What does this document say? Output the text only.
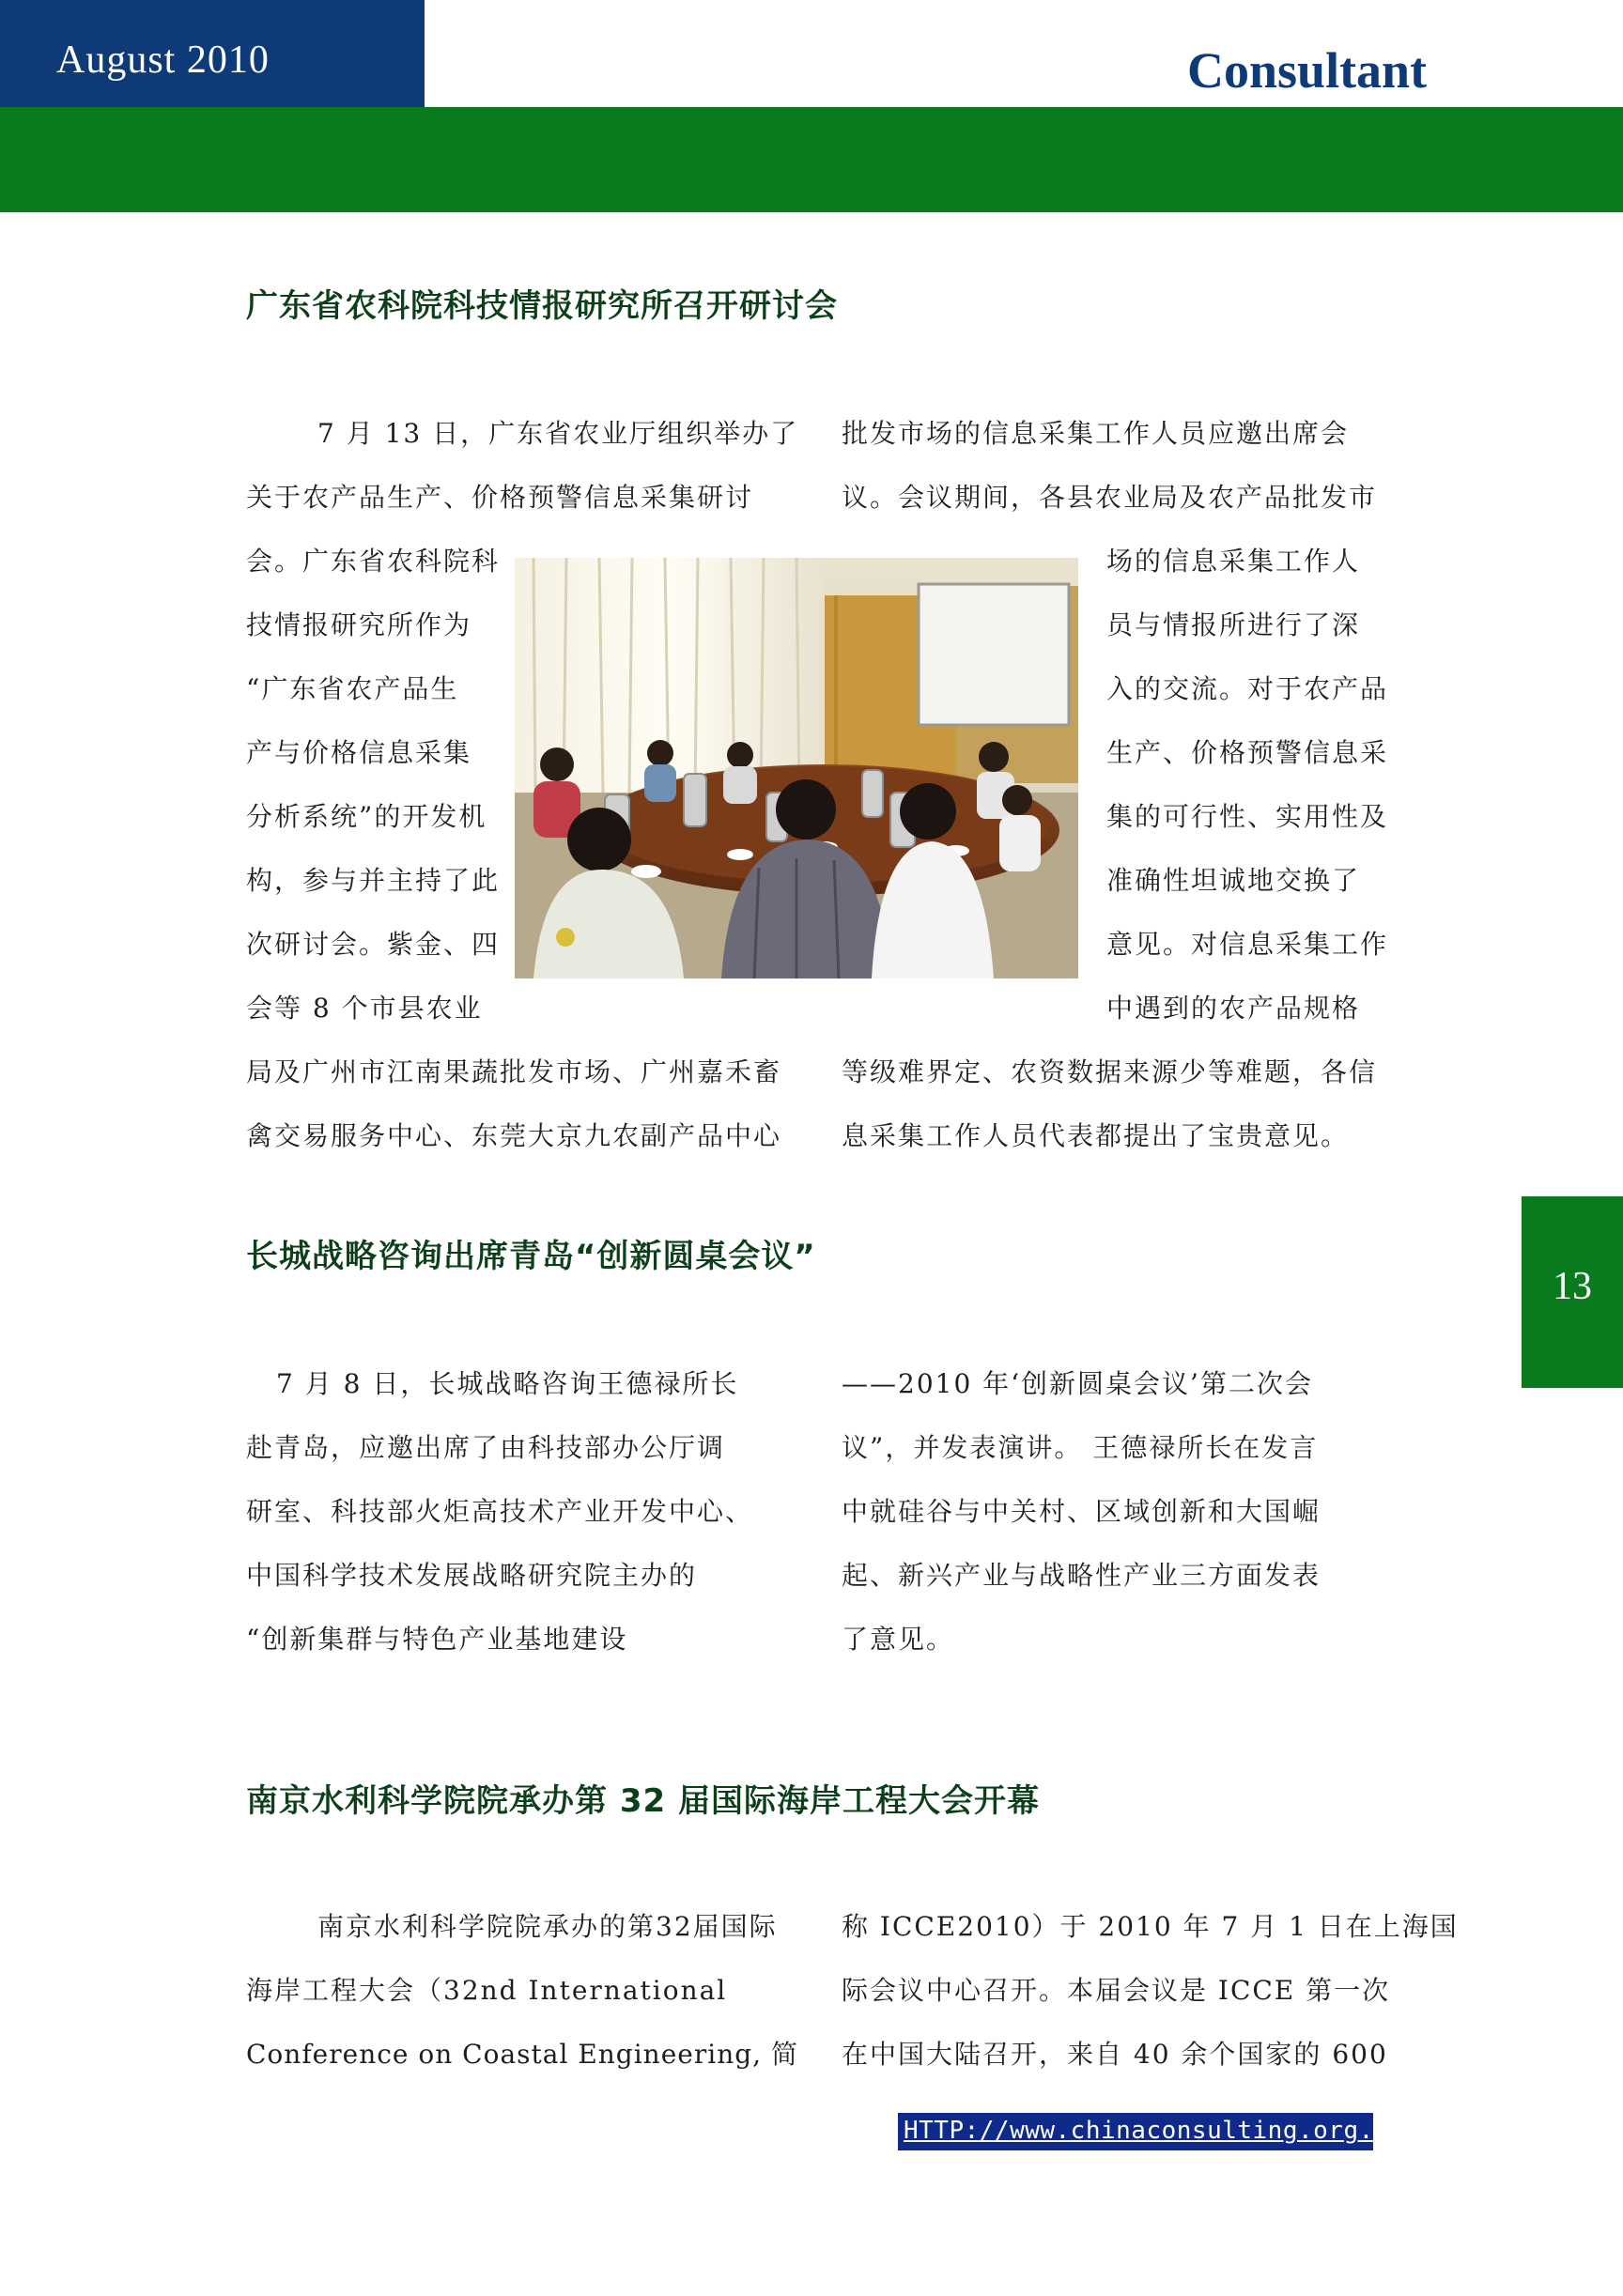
August 2010	Consultant
13
广东省农科院科技情报研究所召开研讨会
7 月 13 日，广东省农业厅组织举办了
关于农产品生产、价格预警信息采集研讨
会。广东省农科院科
技情报研究所作为
“广东省农产品生
产与价格信息采集
分析系统”的开发机
构，参与并主持了此
次研讨会。紫金、四
会等 8 个市县农业
局及广州市江南果蔬批发市场、广州嘉禾畜
禽交易服务中心、东莞大京九农副产品中心
批发市场的信息采集工作人员应邀出席会
议。会议期间，各县农业局及农产品批发市
场的信息采集工作人
员与情报所进行了深
入的交流。对于农产品
生产、价格预警信息采
集的可行性、实用性及
准确性坦诚地交换了
意见。对信息采集工作
中遇到的农产品规格
等级难界定、农资数据来源少等难题，各信
息采集工作人员代表都提出了宝贵意见。
长城战略咨询出席青岛“创新圆桌会议”
7 月 8 日，长城战略咨询王德禄所长
赴青岛，应邀出席了由科技部办公厅调
研室、科技部火炬高技术产业开发中心、
中国科学技术发展战略研究院主办的
“创新集群与特色产业基地建设
——2010 年‘创新圆桌会议’第二次会
议”，并发表演讲。 王德禄所长在发言
中就硅谷与中关村、区域创新和大国崛
起、新兴产业与战略性产业三方面发表
了意见。
南京水利科学院院承办第 32 届国际海岸工程大会开幕
南京水利科学院院承办的第32届国际
海岸工程大会（32nd International
Conference on Coastal Engineering, 简
称 ICCE2010）于 2010 年 7 月 1 日在上海国
际会议中心召开。本届会议是 ICCE 第一次
在中国大陆召开，来自 40 余个国家的 600
HTTP://www.chinaconsulting.org.cn
